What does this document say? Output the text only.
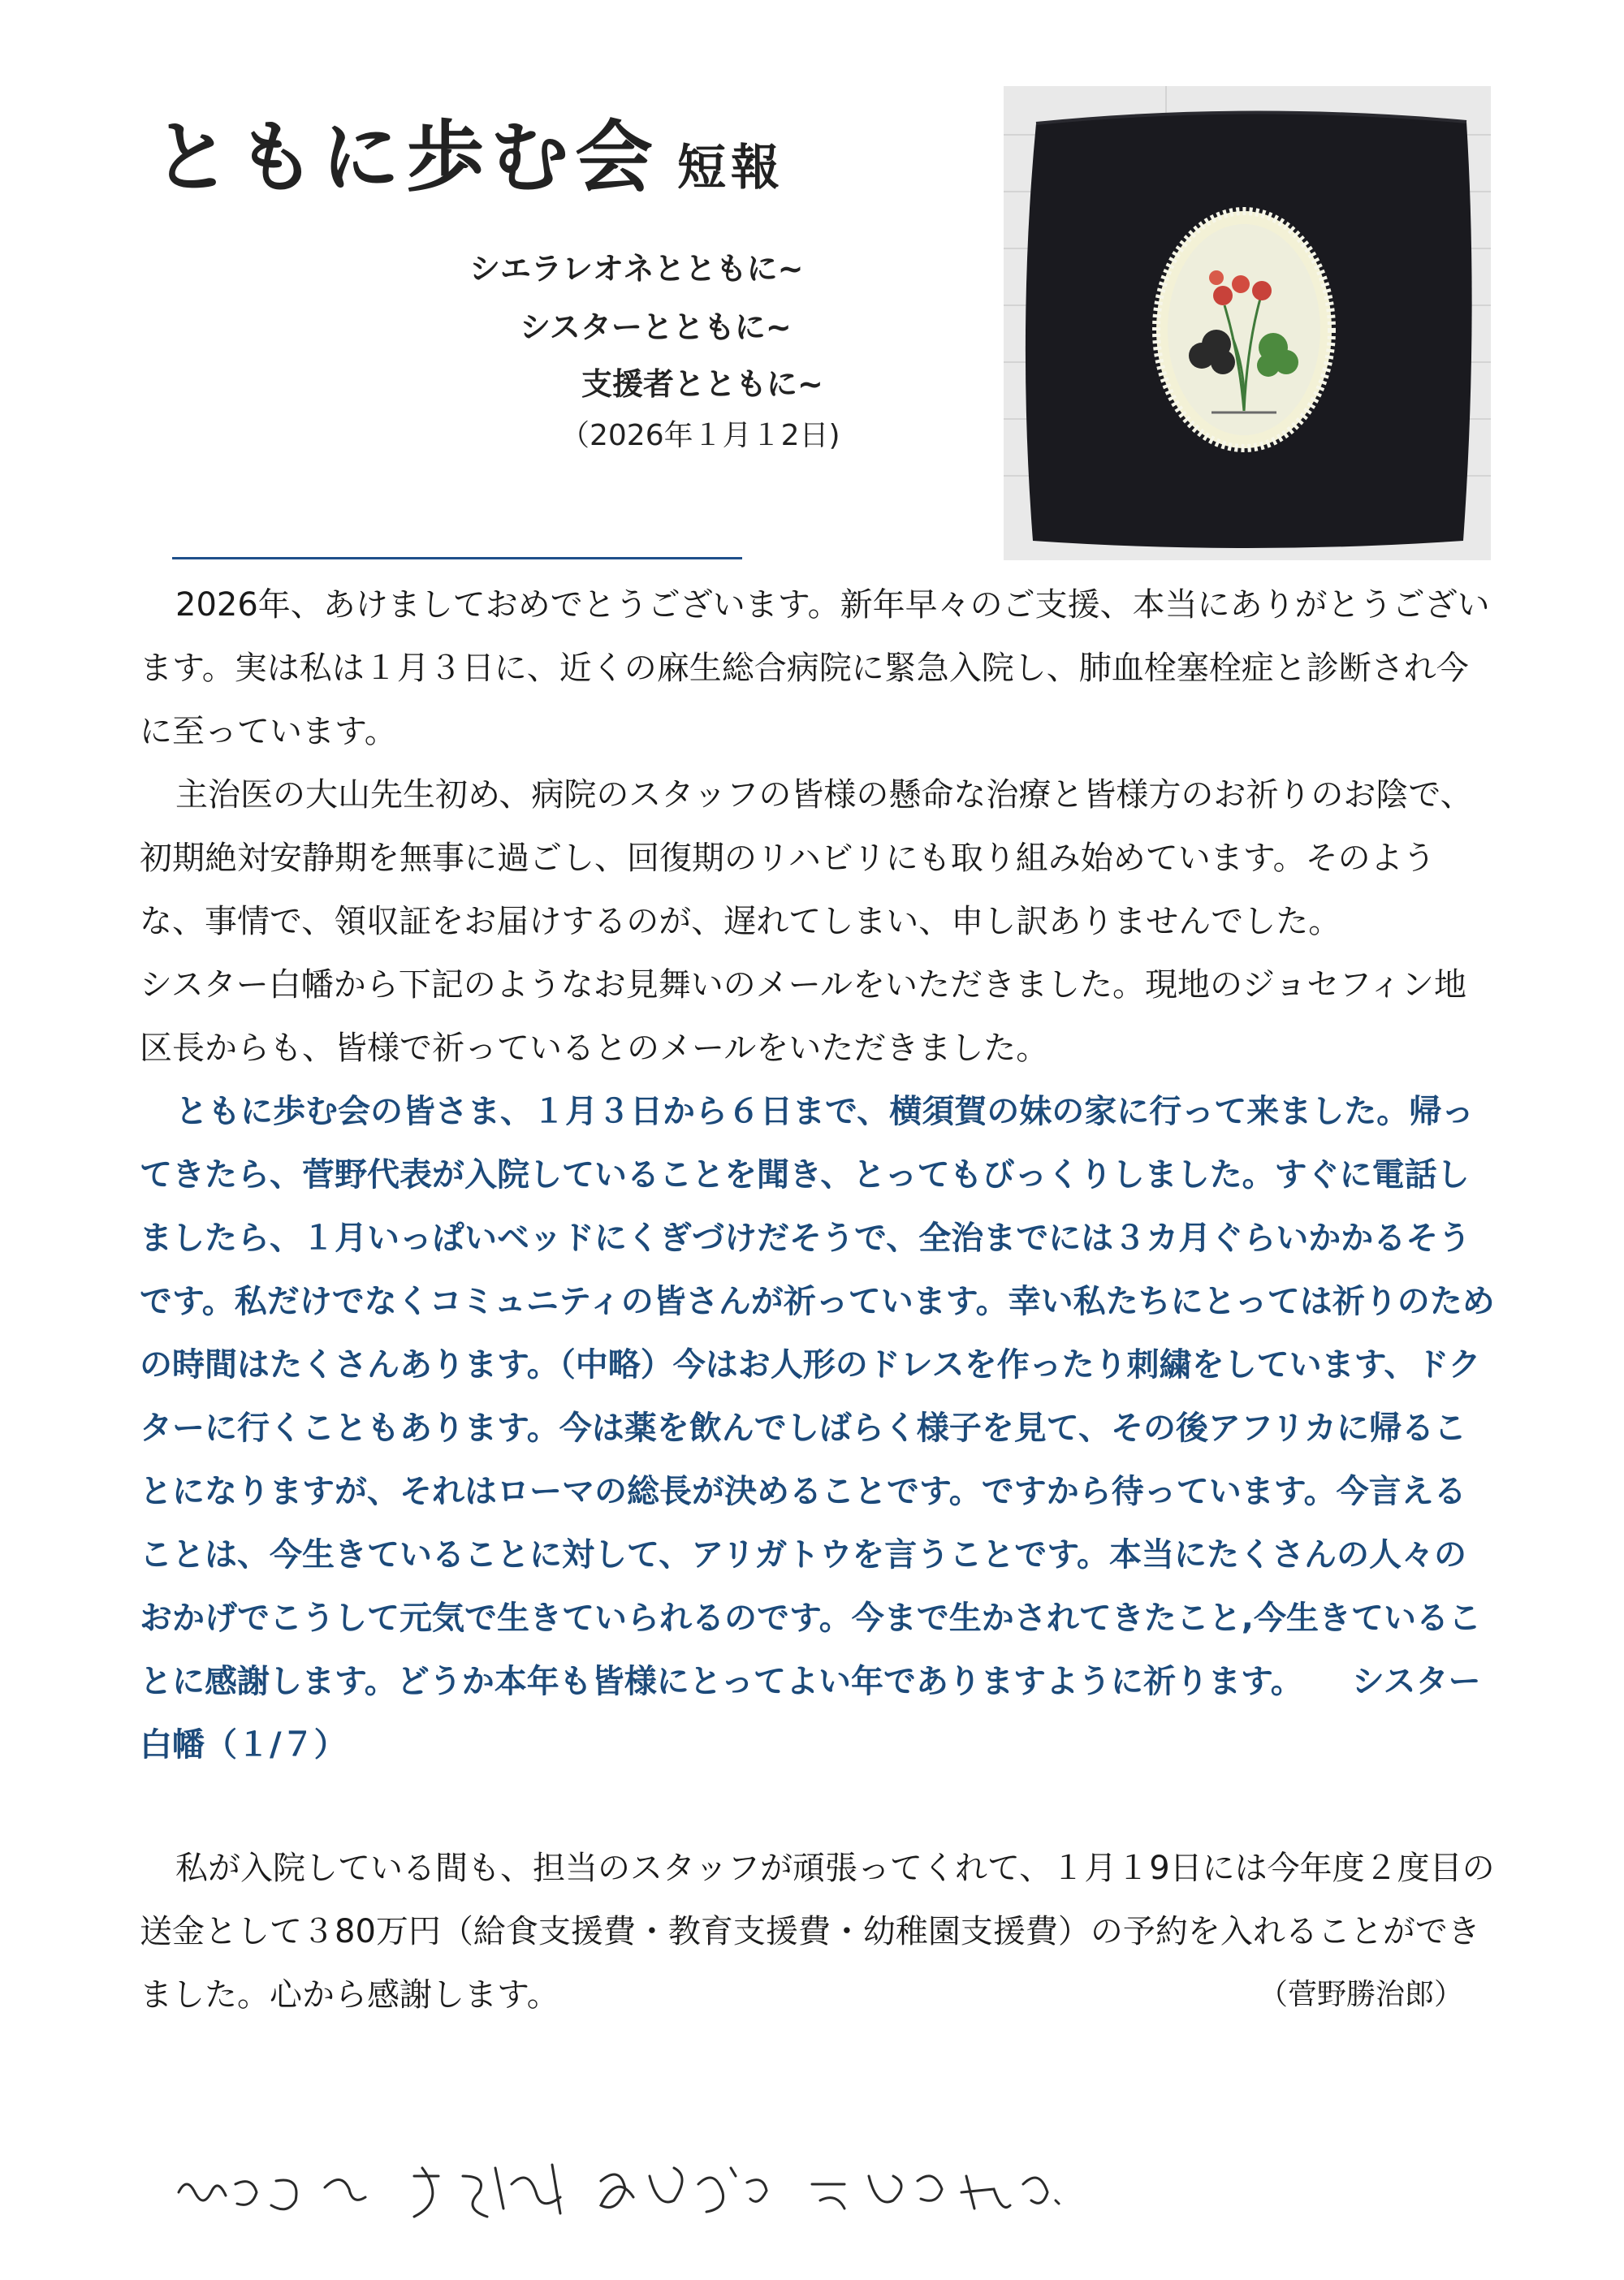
ともに歩む会 短報
シエラレオネとともに~
シスターとともに~
支援者とともに~
（2026年１月１2日)

2026年、あけましておめでとうございます。新年早々のご支援、本当にありがとうございます。実は私は１月３日に、近くの麻生総合病院に緊急入院し、肺血栓塞栓症と診断され今に至っています。

主治医の大山先生初め、病院のスタッフの皆様の懸命な治療と皆様方のお祈りのお陰で、初期絶対安静期を無事に過ごし、回復期のリハビリにも取り組み始めています。そのような、事情で、領収証をお届けするのが、遅れてしまい、申し訳ありませんでした。

シスター白幡から下記のようなお見舞いのメールをいただきました。現地のジョセフィン地区長からも、皆様で祈っているとのメールをいただきました。

ともに歩む会の皆さま、１月３日から６日まで、横須賀の妹の家に行って来ました。帰ってきたら、菅野代表が入院していることを聞き、とってもびっくりしました。すぐに電話しましたら、１月いっぱいベッドにくぎづけだそうで、全治までには３カ月ぐらいかかるそうです。私だけでなくコミュニティの皆さんが祈っています。幸い私たちにとっては祈りのための時間はたくさんあります。（中略）今はお人形のドレスを作ったり刺繍をしています、ドクターに行くこともあります。今は薬を飲んでしばらく様子を見て、その後アフリカに帰ることになりますが、それはローマの総長が決めることです。ですから待っています。今言えることは、今生きていることに対して、アリガトウを言うことです。本当にたくさんの人々のおかげでこうして元気で生きていられるのです。今まで生かされてきたこと,今生きていることに感謝します。どうか本年も皆様にとってよい年でありますように祈ります。 シスター白幡（１/７）

私が入院している間も、担当のスタッフが頑張ってくれて、１月１9日には今年度２度目の送金として３80万円（給食支援費・教育支援費・幼稚園支援費）の予約を入れることができました。心から感謝します。	（菅野勝治郎）
